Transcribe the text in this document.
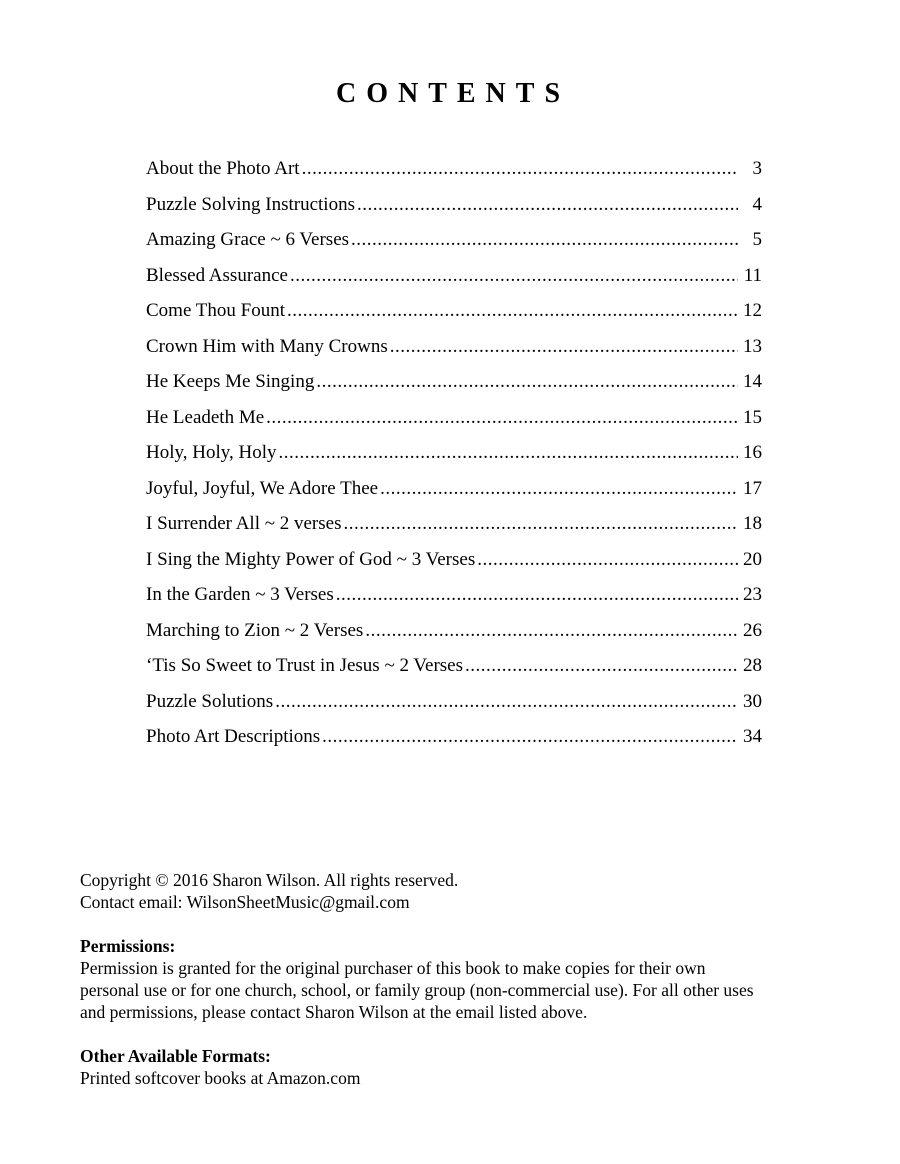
CONTENTS
About the Photo Art .....	3
Puzzle Solving Instructions .....	4
Amazing Grace ~ 6 Verses .....	5
Blessed Assurance .....	11
Come Thou Fount .....	12
Crown Him with Many Crowns .....	13
He Keeps Me Singing .....	14
He Leadeth Me .....	15
Holy, Holy, Holy .....	16
Joyful, Joyful, We Adore Thee .....	17
I Surrender All ~ 2 verses .....	18
I Sing the Mighty Power of God ~ 3 Verses .....	20
In the Garden ~ 3 Verses .....	23
Marching to Zion ~ 2 Verses .....	26
‘Tis So Sweet to Trust in Jesus ~ 2 Verses .....	28
Puzzle Solutions .....	30
Photo Art Descriptions .....	34

Copyright © 2016 Sharon Wilson. All rights reserved.

Contact email: WilsonSheetMusic@gmail.com

Permissions:

Permission is granted for the original purchaser of this book to make copies for their own

personal use or for one church, school, or family group (non-commercial use). For all other uses

and permissions, please contact Sharon Wilson at the email listed above.

Other Available Formats:

Printed softcover books at Amazon.com
